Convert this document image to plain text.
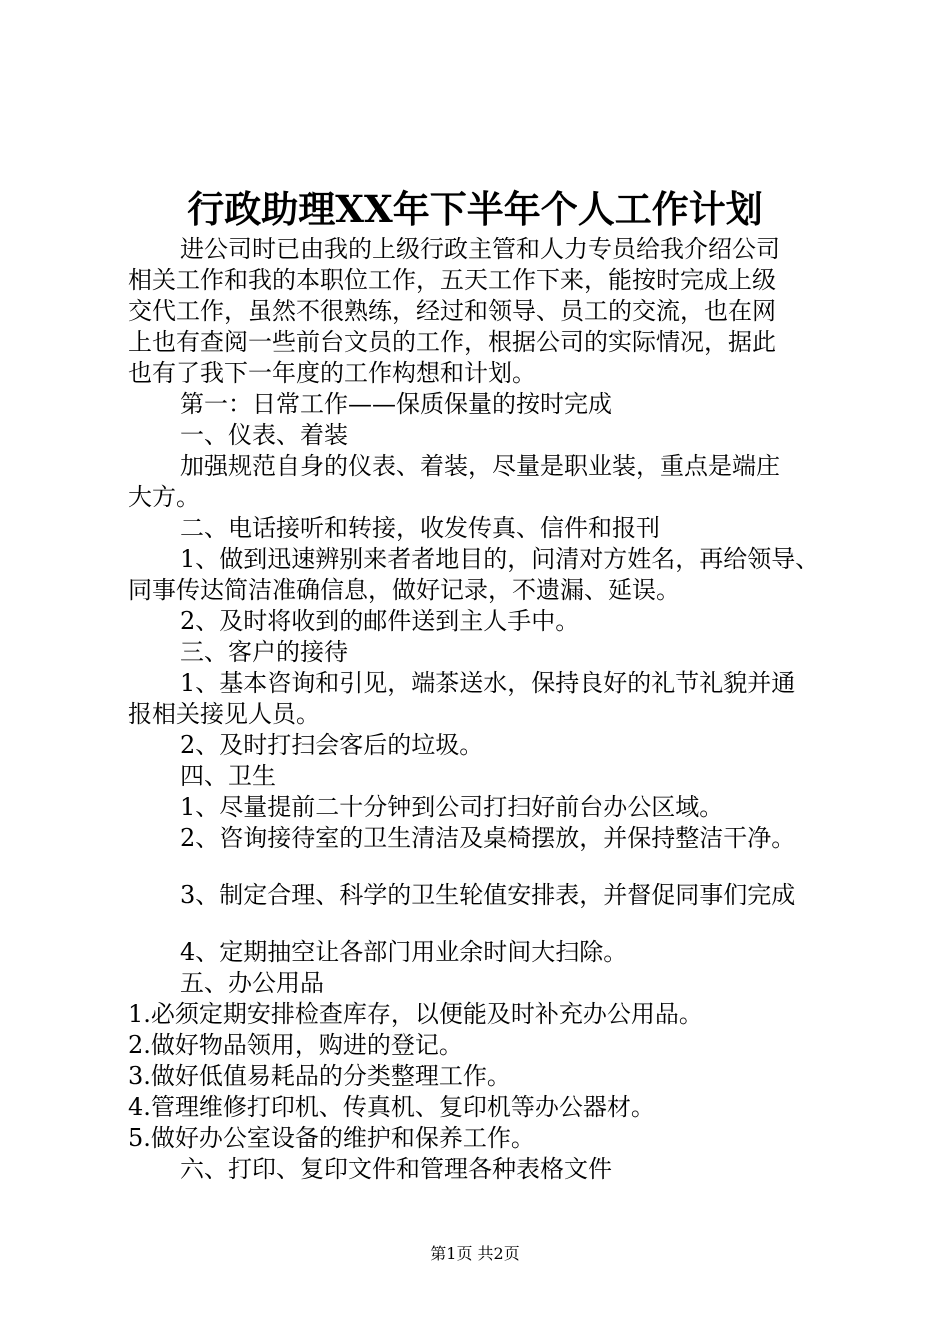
行政助理XX年下半年个人工作计划

进公司时已由我的上级行政主管和人力专员给我介绍公司

相关工作和我的本职位工作，五天工作下来，能按时完成上级

交代工作，虽然不很熟练，经过和领导、员工的交流，也在网

上也有查阅一些前台文员的工作，根据公司的实际情况，据此

也有了我下一年度的工作构想和计划。

第一：日常工作——保质保量的按时完成

一、仪表、着装

加强规范自身的仪表、着装，尽量是职业装，重点是端庄

大方。

二、电话接听和转接，收发传真、信件和报刊

1、做到迅速辨别来者者地目的，问清对方姓名，再给领导、

同事传达简洁准确信息，做好记录，不遗漏、延误。

2、及时将收到的邮件送到主人手中。

三、客户的接待

1、基本咨询和引见，端茶送水，保持良好的礼节礼貌并通

报相关接见人员。

2、及时打扫会客后的垃圾。

四、卫生

1、尽量提前二十分钟到公司打扫好前台办公区域。

2、咨询接待室的卫生清洁及桌椅摆放，并保持整洁干净。

3、制定合理、科学的卫生轮值安排表，并督促同事们完成

4、定期抽空让各部门用业余时间大扫除。

五、办公用品

1.必须定期安排检查库存，以便能及时补充办公用品。

2.做好物品领用，购进的登记。

3.做好低值易耗品的分类整理工作。

4.管理维修打印机、传真机、复印机等办公器材。

5.做好办公室设备的维护和保养工作。

六、打印、复印文件和管理各种表格文件

第1页 共2页
